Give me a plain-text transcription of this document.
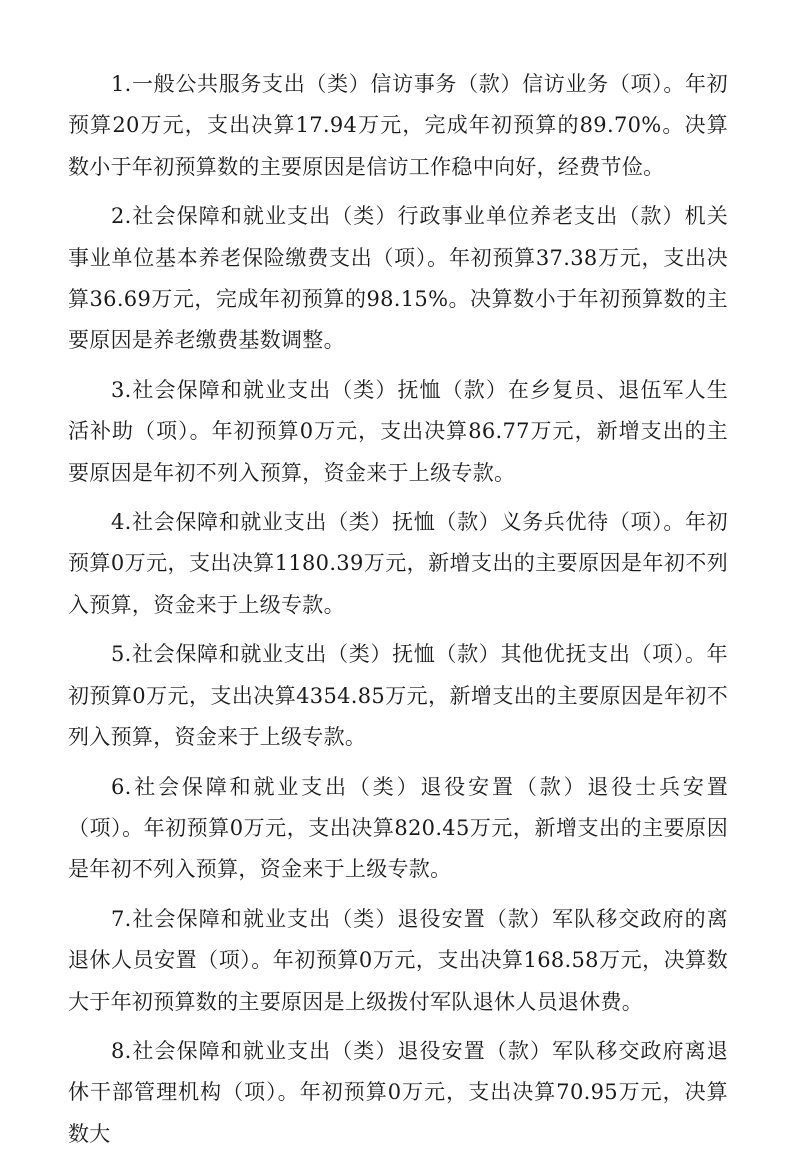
1.一般公共服务支出（类）信访事务（款）信访业务（项）。年初预算20万元，支出决算17.94万元，完成年初预算的89.70%。决算数小于年初预算数的主要原因是信访工作稳中向好，经费节俭。

2.社会保障和就业支出（类）行政事业单位养老支出（款）机关事业单位基本养老保险缴费支出（项）。年初预算37.38万元，支出决算36.69万元，完成年初预算的98.15%。决算数小于年初预算数的主要原因是养老缴费基数调整。

3.社会保障和就业支出（类）抚恤（款）在乡复员、退伍军人生活补助（项）。年初预算0万元，支出决算86.77万元，新增支出的主要原因是年初不列入预算，资金来于上级专款。

4.社会保障和就业支出（类）抚恤（款）义务兵优待（项）。年初预算0万元，支出决算1180.39万元，新增支出的主要原因是年初不列入预算，资金来于上级专款。

5.社会保障和就业支出（类）抚恤（款）其他优抚支出（项）。年初预算0万元，支出决算4354.85万元，新增支出的主要原因是年初不列入预算，资金来于上级专款。

6.社会保障和就业支出（类）退役安置（款）退役士兵安置（项）。年初预算0万元，支出决算820.45万元，新增支出的主要原因是年初不列入预算，资金来于上级专款。

7.社会保障和就业支出（类）退役安置（款）军队移交政府的离退休人员安置（项）。年初预算0万元，支出决算168.58万元，决算数大于年初预算数的主要原因是上级拨付军队退休人员退休费。

8.社会保障和就业支出（类）退役安置（款）军队移交政府离退休干部管理机构（项）。年初预算0万元，支出决算70.95万元，决算数大
